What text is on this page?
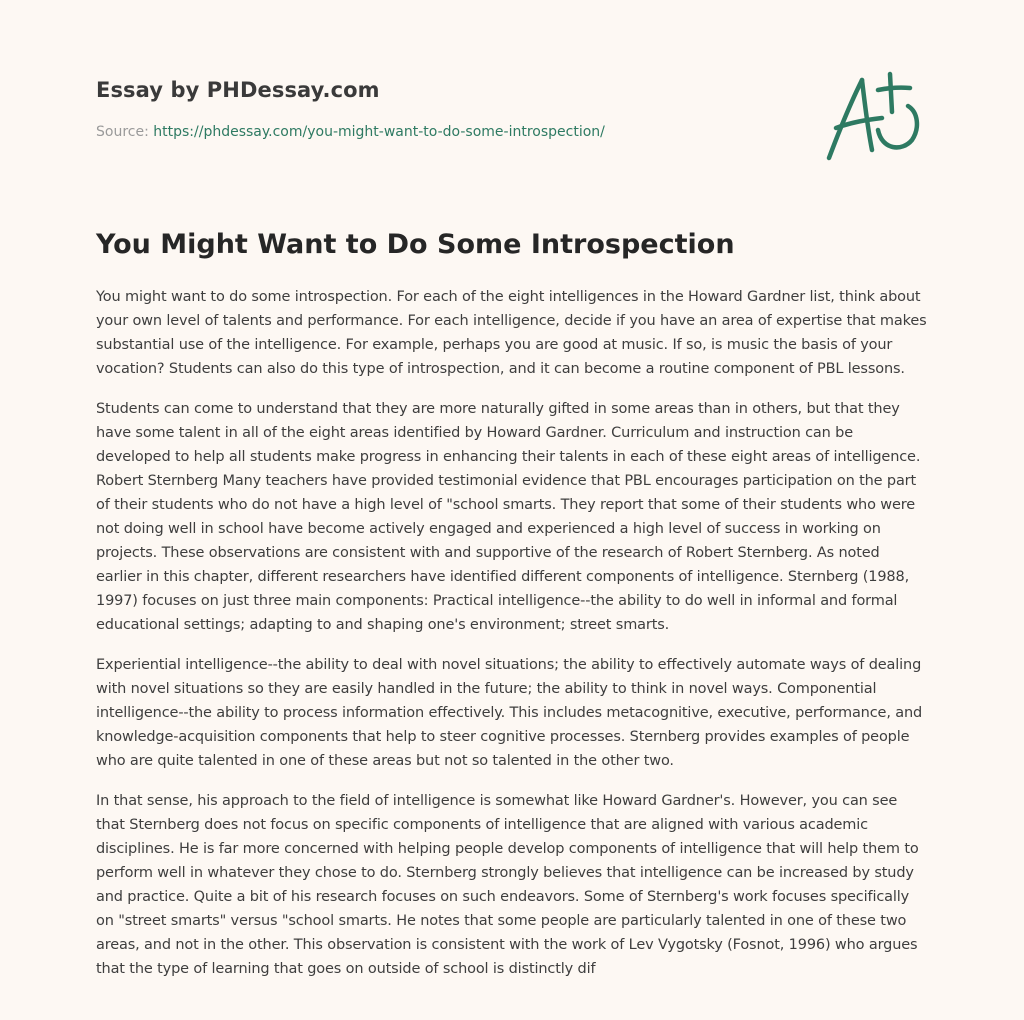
Essay by PHDessay.com
Source: https://phdessay.com/you-might-want-to-do-some-introspection/
You Might Want to Do Some Introspection

You might want to do some introspection. For each of the eight intelligences in the Howard Gardner list, think about your own level of talents and performance. For each intelligence, decide if you have an area of expertise that makes substantial use of the intelligence. For example, perhaps you are good at music. If so, is music the basis of your vocation? Students can also do this type of introspection, and it can become a routine component of PBL lessons.

Students can come to understand that they are more naturally gifted in some areas than in others, but that they have some talent in all of the eight areas identified by Howard Gardner. Curriculum and instruction can be developed to help all students make progress in enhancing their talents in each of these eight areas of intelligence. Robert Sternberg Many teachers have provided testimonial evidence that PBL encourages participation on the part of their students who do not have a high level of "school smarts. They report that some of their students who were not doing well in school have become actively engaged and experienced a high level of success in working on projects. These observations are consistent with and supportive of the research of Robert Sternberg. As noted earlier in this chapter, different researchers have identified different components of intelligence. Sternberg (1988, 1997) focuses on just three main components: Practical intelligence--the ability to do well in informal and formal educational settings; adapting to and shaping one's environment; street smarts.

Experiential intelligence--the ability to deal with novel situations; the ability to effectively automate ways of dealing with novel situations so they are easily handled in the future; the ability to think in novel ways. Componential intelligence--the ability to process information effectively. This includes metacognitive, executive, performance, and knowledge-acquisition components that help to steer cognitive processes. Sternberg provides examples of people who are quite talented in one of these areas but not so talented in the other two.

In that sense, his approach to the field of intelligence is somewhat like Howard Gardner's. However, you can see that Sternberg does not focus on specific components of intelligence that are aligned with various academic disciplines. He is far more concerned with helping people develop components of intelligence that will help them to perform well in whatever they chose to do. Sternberg strongly believes that intelligence can be increased by study and practice. Quite a bit of his research focuses on such endeavors. Some of Sternberg's work focuses specifically on "street smarts" versus "school smarts. He notes that some people are particularly talented in one of these two areas, and not in the other. This observation is consistent with the work of Lev Vygotsky (Fosnot, 1996) who argues that the type of learning that goes on outside of school is distinctly dif
